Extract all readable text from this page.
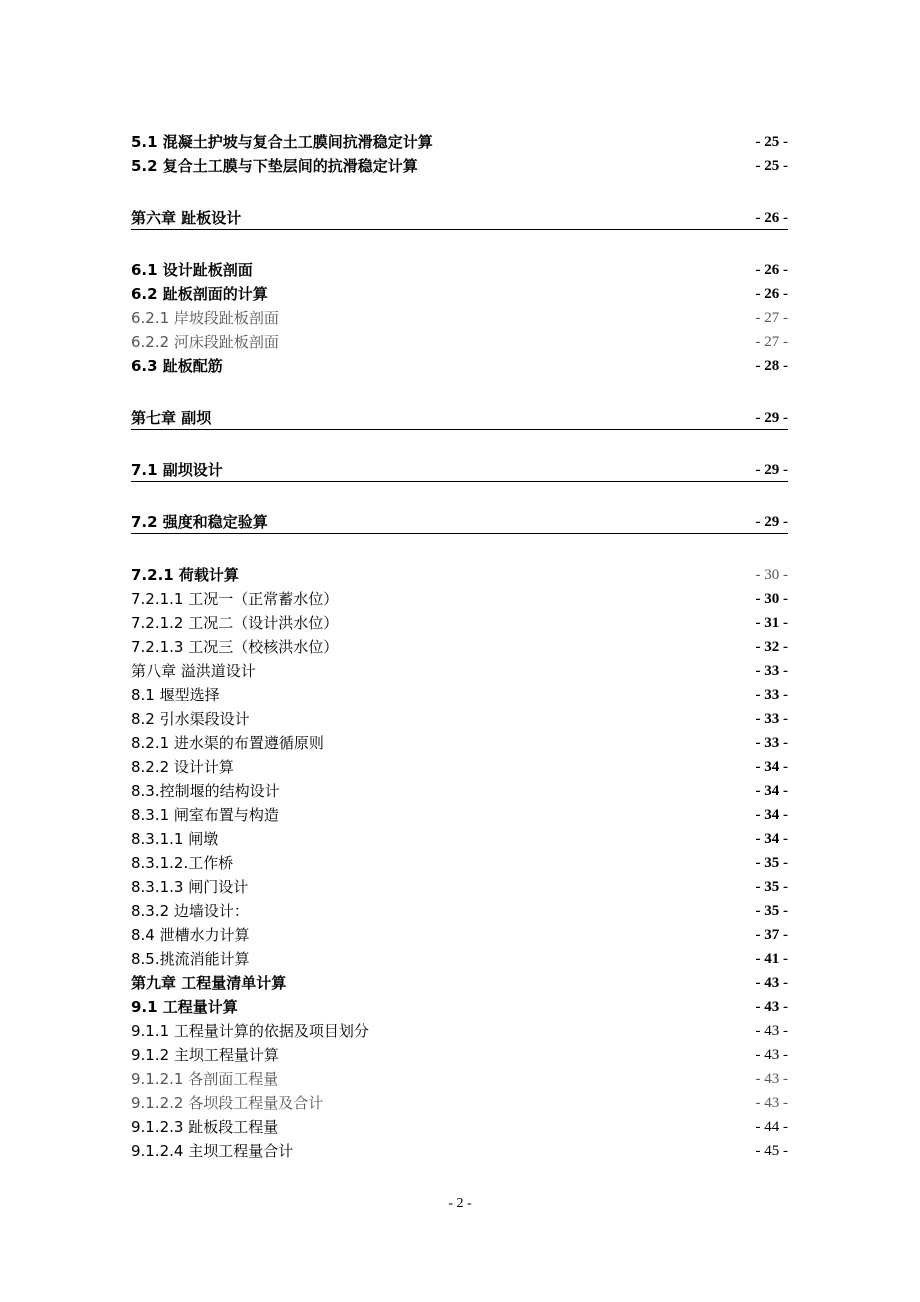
5.1 混凝土护坡与复合土工膜间抗滑稳定计算	- 25 -
5.2 复合土工膜与下垫层间的抗滑稳定计算	- 25 -
第六章 趾板设计	- 26 -
6.1 设计趾板剖面	- 26 -
6.2 趾板剖面的计算	- 26 -
6.2.1 岸坡段趾板剖面	- 27 -
6.2.2 河床段趾板剖面	- 27 -
6.3 趾板配筋	- 28 -
第七章 副坝	- 29 -
7.1 副坝设计	- 29 -
7.2 强度和稳定验算	- 29 -
7.2.1 荷载计算	- 30 -
7.2.1.1 工况一（正常蓄水位）	- 30 -
7.2.1.2 工况二（设计洪水位）	- 31 -
7.2.1.3 工况三（校核洪水位）	- 32 -
第八章 溢洪道设计	- 33 -
8.1 堰型选择	- 33 -
8.2 引水渠段设计	- 33 -
8.2.1 进水渠的布置遵循原则	- 33 -
8.2.2 设计计算	- 34 -
8.3.控制堰的结构设计	- 34 -
8.3.1 闸室布置与构造	- 34 -
8.3.1.1 闸墩	- 34 -
8.3.1.2.工作桥	- 35 -
8.3.1.3 闸门设计	- 35 -
8.3.2 边墙设计：	- 35 -
8.4 泄槽水力计算	- 37 -
8.5.挑流消能计算	- 41 -
第九章 工程量清单计算	- 43 -
9.1 工程量计算	- 43 -
9.1.1 工程量计算的依据及项目划分	- 43 -
9.1.2 主坝工程量计算	- 43 -
9.1.2.1 各剖面工程量	- 43 -
9.1.2.2 各坝段工程量及合计	- 43 -
9.1.2.3 趾板段工程量	- 44 -
9.1.2.4 主坝工程量合计	- 45 -
- 2 -
